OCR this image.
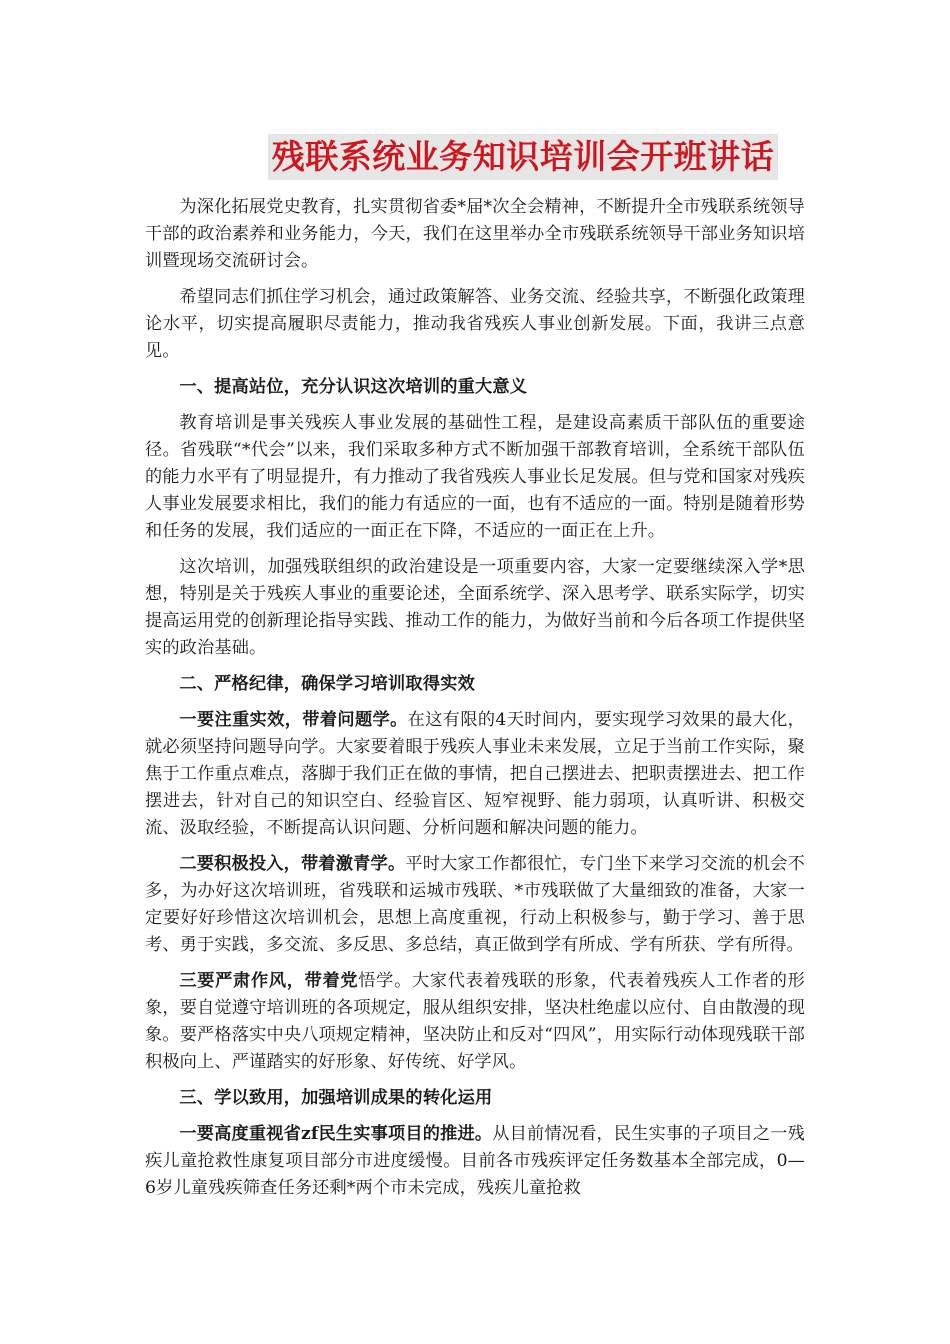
残联系统业务知识培训会开班讲话

为深化拓展党史教育，扎实贯彻省委*届*次全会精神，不断提升全市残联系统领导干部的政治素养和业务能力，今天，我们在这里举办全市残联系统领导干部业务知识培训暨现场交流研讨会。

希望同志们抓住学习机会，通过政策解答、业务交流、经验共享，不断强化政策理论水平，切实提高履职尽责能力，推动我省残疾人事业创新发展。下面，我讲三点意见。

一、提高站位，充分认识这次培训的重大意义

教育培训是事关残疾人事业发展的基础性工程，是建设高素质干部队伍的重要途径。省残联“*代会”以来，我们采取多种方式不断加强干部教育培训，全系统干部队伍的能力水平有了明显提升，有力推动了我省残疾人事业长足发展。但与党和国家对残疾人事业发展要求相比，我们的能力有适应的一面，也有不适应的一面。特别是随着形势和任务的发展，我们适应的一面正在下降，不适应的一面正在上升。

这次培训，加强残联组织的政治建设是一项重要内容，大家一定要继续深入学*思想，特别是关于残疾人事业的重要论述，全面系统学、深入思考学、联系实际学，切实提高运用党的创新理论指导实践、推动工作的能力，为做好当前和今后各项工作提供坚实的政治基础。

二、严格纪律，确保学习培训取得实效

一要注重实效，带着问题学。在这有限的4天时间内，要实现学习效果的最大化，就必须坚持问题导向学。大家要着眼于残疾人事业未来发展，立足于当前工作实际，聚焦于工作重点难点，落脚于我们正在做的事情，把自己摆进去、把职责摆进去、把工作摆进去，针对自己的知识空白、经验盲区、短窄视野、能力弱项，认真听讲、积极交流、汲取经验，不断提高认识问题、分析问题和解决问题的能力。

二要积极投入，带着激青学。平时大家工作都很忙，专门坐下来学习交流的机会不多，为办好这次培训班，省残联和运城市残联、*市残联做了大量细致的准备，大家一定要好好珍惜这次培训机会，思想上高度重视，行动上积极参与，勤于学习、善于思考、勇于实践，多交流、多反思、多总结，真正做到学有所成、学有所获、学有所得。

三要严肃作风，带着党悟学。大家代表着残联的形象，代表着残疾人工作者的形象，要自觉遵守培训班的各项规定，服从组织安排，坚决杜绝虚以应付、自由散漫的现象。要严格落实中央八项规定精神，坚决防止和反对“四风”，用实际行动体现残联干部积极向上、严谨踏实的好形象、好传统、好学风。

三、学以致用，加强培训成果的转化运用

一要高度重视省zf民生实事项目的推进。从目前情况看，民生实事的子项目之一残疾儿童抢救性康复项目部分市进度缓慢。目前各市残疾评定任务数基本全部完成，0—6岁儿童残疾筛查任务还剩*两个市未完成，残疾儿童抢救
